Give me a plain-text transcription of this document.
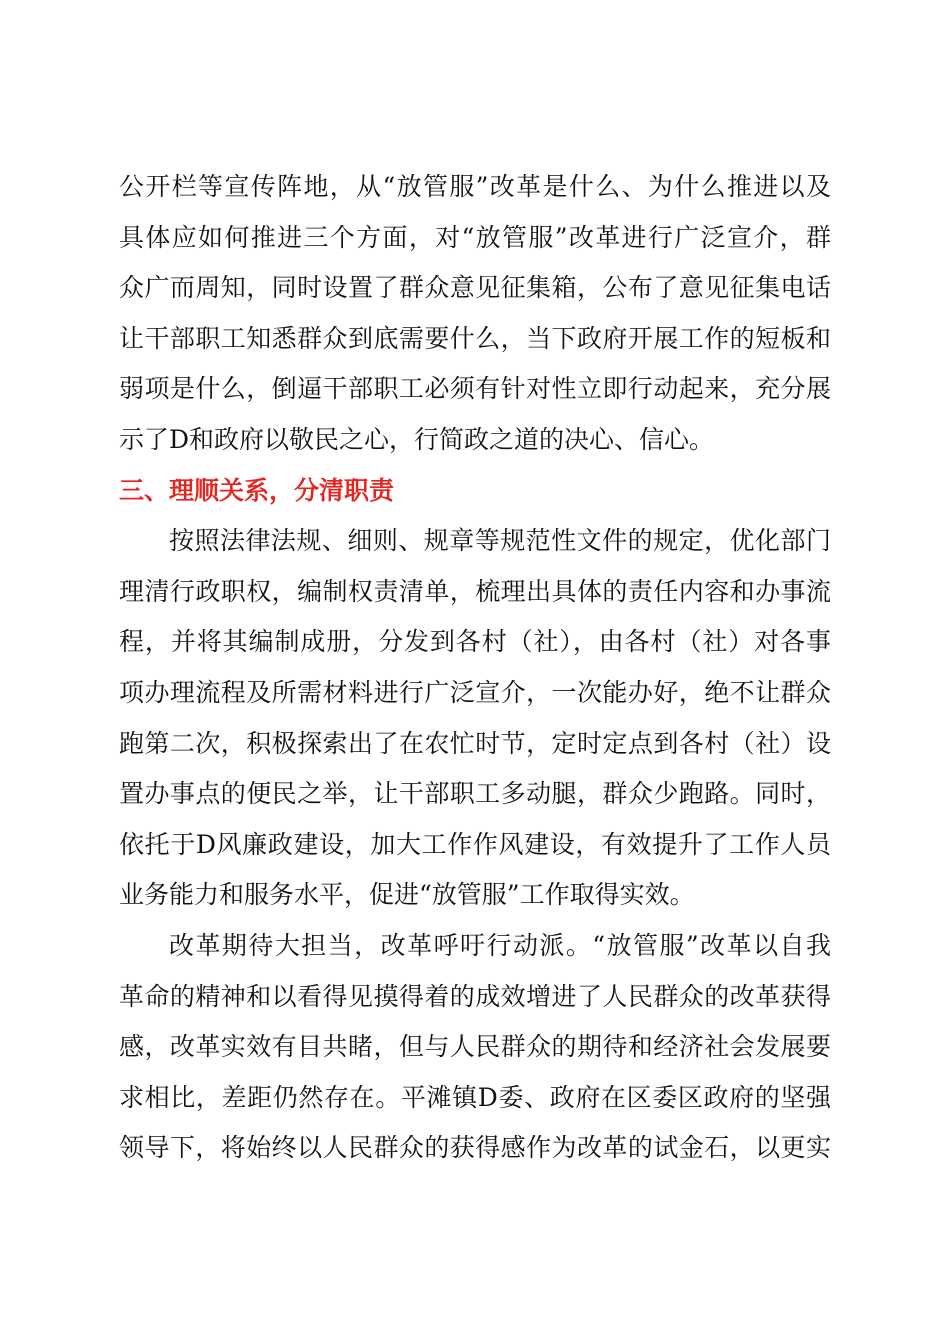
公开栏等宣传阵地，从“放管服”改革是什么、为什么推进以及
具体应如何推进三个方面，对“放管服”改革进行广泛宣介，群
众广而周知，同时设置了群众意见征集箱，公布了意见征集电话
让干部职工知悉群众到底需要什么，当下政府开展工作的短板和
弱项是什么，倒逼干部职工必须有针对性立即行动起来，充分展
示了D和政府以敬民之心，行简政之道的决心、信心。

三、理顺关系，分清职责

按照法律法规、细则、规章等规范性文件的规定，优化部门
理清行政职权，编制权责清单，梳理出具体的责任内容和办事流
程，并将其编制成册，分发到各村（社），由各村（社）对各事
项办理流程及所需材料进行广泛宣介，一次能办好，绝不让群众
跑第二次，积极探索出了在农忙时节，定时定点到各村（社）设
置办事点的便民之举，让干部职工多动腿，群众少跑路。同时，
依托于D风廉政建设，加大工作作风建设，有效提升了工作人员
业务能力和服务水平，促进“放管服”工作取得实效。

改革期待大担当，改革呼吁行动派。“放管服”改革以自我
革命的精神和以看得见摸得着的成效增进了人民群众的改革获得
感，改革实效有目共睹，但与人民群众的期待和经济社会发展要
求相比，差距仍然存在。平滩镇D委、政府在区委区政府的坚强
领导下，将始终以人民群众的获得感作为改革的试金石，以更实
